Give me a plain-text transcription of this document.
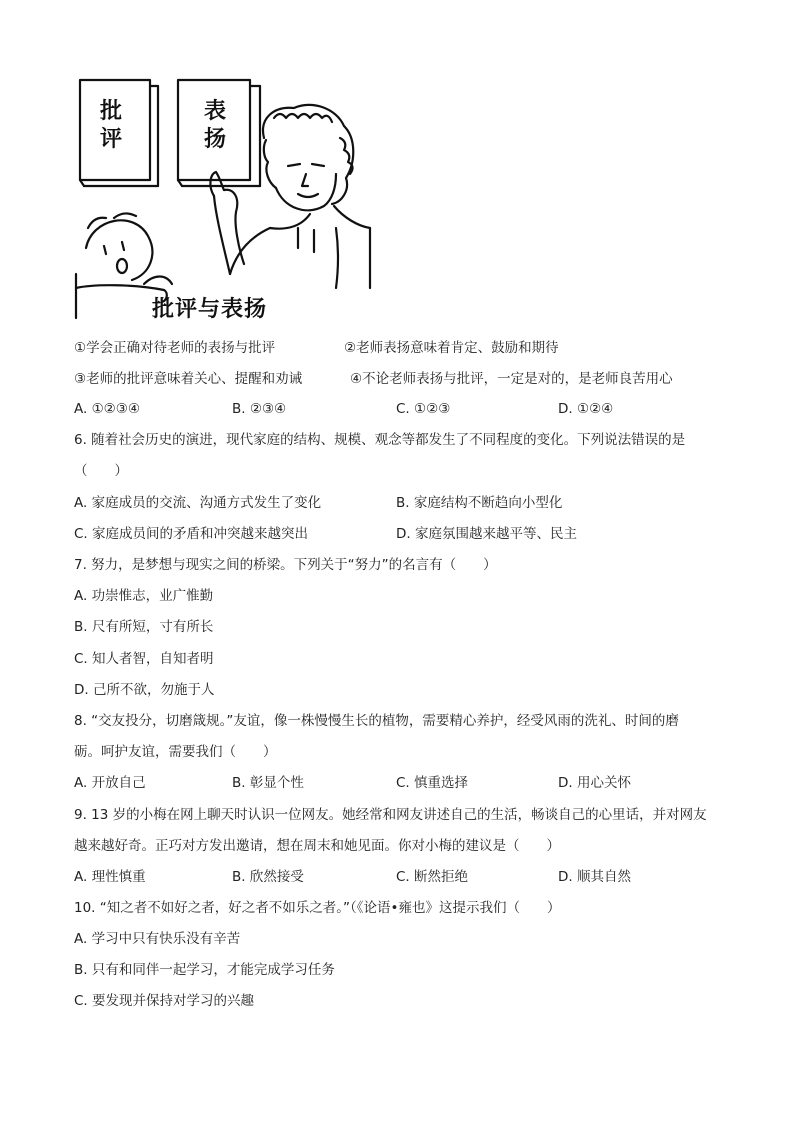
批
评
表
扬
批评与表扬
①学会正确对待老师的表扬与批评	②老师表扬意味着肯定、鼓励和期待
③老师的批评意味着关心、提醒和劝诫	④不论老师表扬与批评，一定是对的，是老师良苦用心
A. ①②③④	B. ②③④	C. ①②③	D. ①②④
6. 随着社会历史的演进，现代家庭的结构、规模、观念等都发生了不同程度的变化。下列说法错误的是
（　　）
A. 家庭成员的交流、沟通方式发生了变化	B. 家庭结构不断趋向小型化
C. 家庭成员间的矛盾和冲突越来越突出	D. 家庭氛围越来越平等、民主
7. 努力，是梦想与现实之间的桥梁。下列关于“努力”的名言有（　　）
A. 功崇惟志，业广惟勤
B. 尺有所短，寸有所长
C. 知人者智，自知者明
D. 己所不欲，勿施于人
8. “交友投分，切磨箴规。”友谊，像一株慢慢生长的植物，需要精心养护，经受风雨的洗礼、时间的磨
砺。呵护友谊，需要我们（　　）
A. 开放自己	B. 彰显个性	C. 慎重选择	D. 用心关怀
9. 13 岁的小梅在网上聊天时认识一位网友。她经常和网友讲述自己的生活，畅谈自己的心里话，并对网友
越来越好奇。正巧对方发出邀请，想在周末和她见面。你对小梅的建议是（　　）
A. 理性慎重	B. 欣然接受	C. 断然拒绝	D. 顺其自然
10. “知之者不如好之者，好之者不如乐之者。”（《论语•雍也》这提示我们（　　）
A. 学习中只有快乐没有辛苦
B. 只有和同伴一起学习，才能完成学习任务
C. 要发现并保持对学习的兴趣
